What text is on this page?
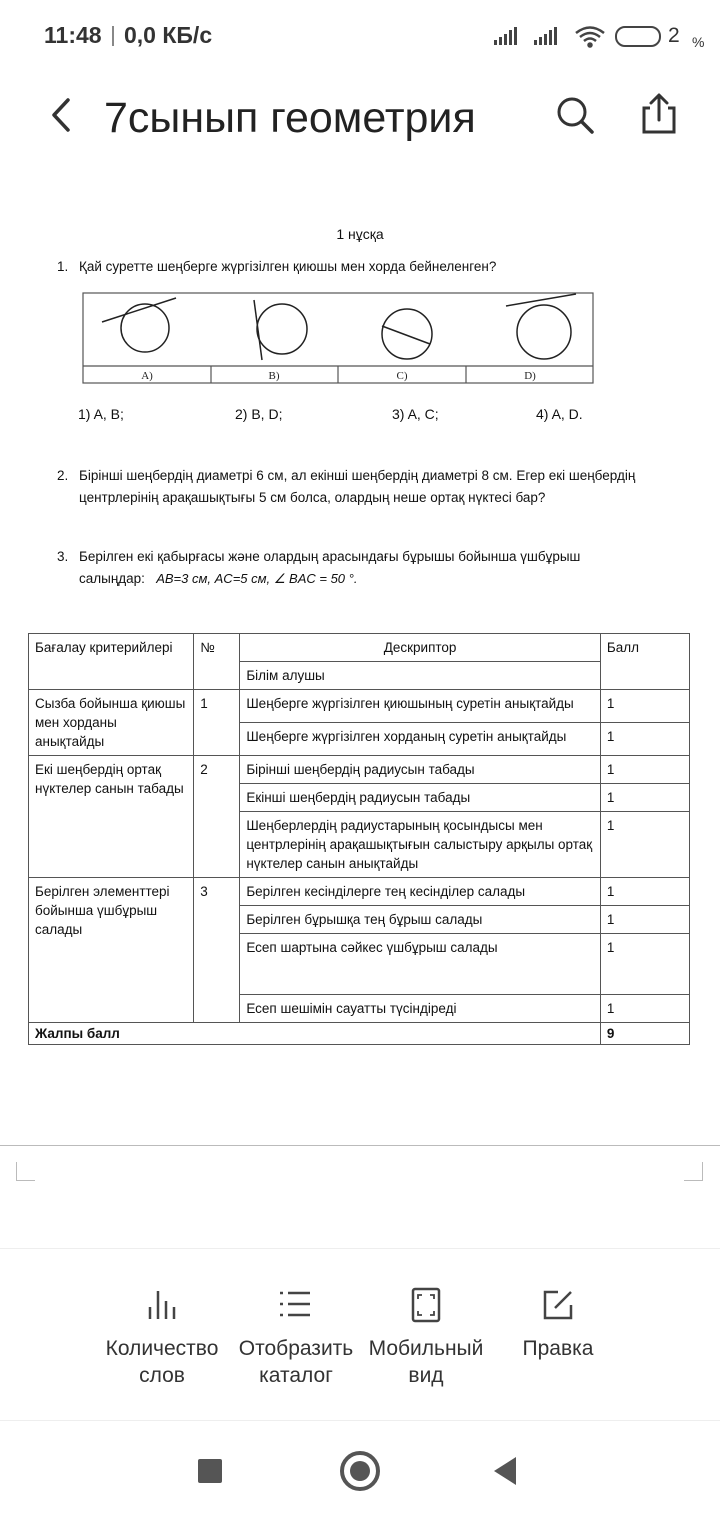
11:48 0,0 КБ/с	2 %
7сынып геометрия
1 нұсқа
1. Қай суретте шеңберге жүргізілген қиюшы мен хорда бейнеленген?
A)	B)	C)	D)
1) A, B;	2) B, D;	3) A, C;	4) A, D.
2. Бірінші шеңбердің диаметрі 6 см, ал екінші шеңбердің диаметрі 8 см. Егер екі шеңбердің центрлерінің арақашықтығы 5 см болса, олардың неше ортақ нүктесі бар?
3. Берілген екі қабырғасы және олардың арасындағы бұрышы бойынша үшбұрыш салыңдар: AB=3 см, AC=5 см, ∠ BAC = 50 °.
Бағалау критерийлері	№	Дескриптор	Балл
		Білім алушы	
Сызба бойынша қиюшы мен хорданы анықтайды	1	Шеңберге жүргізілген қиюшының суретін анықтайды	1
		Шеңберге жүргізілген хорданың суретін анықтайды	1
Екі шеңбердің ортақ нүктелер санын табады	2	Бірінші шеңбердің радиусын табады	1
		Екінші шеңбердің радиусын табады	1
		Шеңберлердің радиустарының қосындысы мен центрлерінің арақашықтығын салыстыру арқылы ортақ нүктелер санын анықтайды	1
Берілген элементтері бойынша үшбұрыш салады	3	Берілген кесінділерге тең кесінділер салады	1
		Берілген бұрышқа тең бұрыш салады	1
		Есеп шартына сәйкес үшбұрыш салады	1
		Есеп шешімін сауатты түсіндіреді	1
Жалпы балл			9
Количество
слов
Отобразить
каталог
Мобильный
вид
Правка
